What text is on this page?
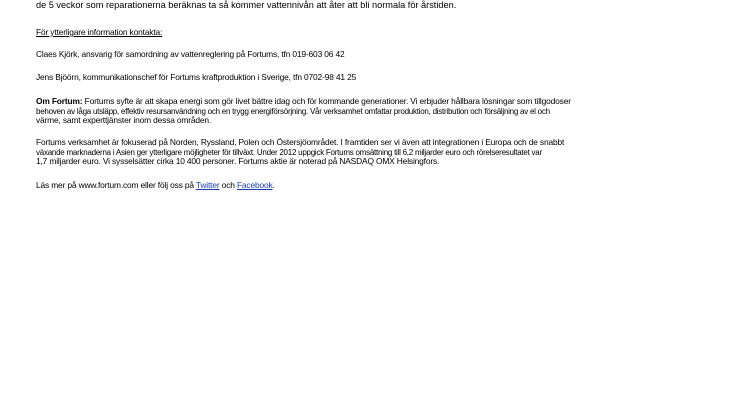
de 5 veckor som reparationerna beräknas ta så kommer vattennivån att åter att bli normala för årstiden.

För ytterligare information kontakta:

Claes Kjörk, ansvarig för samordning av vattenreglering på Fortums, tfn 019-603 06 42

Jens Bjöörn, kommunikationschef för Fortums kraftproduktion i Sverige, tfn 0702-98 41 25

Om Fortum: Fortums syfte är att skapa energi som gör livet bättre idag och för kommande generationer. Vi erbjuder hållbara lösningar som tillgodoser

behoven av låga utsläpp, effektiv resursanvändning och en trygg energiförsörjning. Vår verksamhet omfattar produktion, distribution och försäljning av el och

värme, samt experttjänster inom dessa områden.

Fortums verksamhet är fokuserad på Norden, Ryssland, Polen och Östersjöområdet. I framtiden ser vi även att integrationen i Europa och de snabbt

växande marknaderna i Asien ger ytterligare möjligheter för tillväxt. Under 2012 uppgick Fortums omsättning till 6,2 miljarder euro och rörelseresultatet var

1,7 miljarder euro. Vi sysselsätter cirka 10 400 personer. Fortums aktie är noterad på NASDAQ OMX Helsingfors.

Läs mer på www.fortum.com eller följ oss på Twitter och Facebook.
